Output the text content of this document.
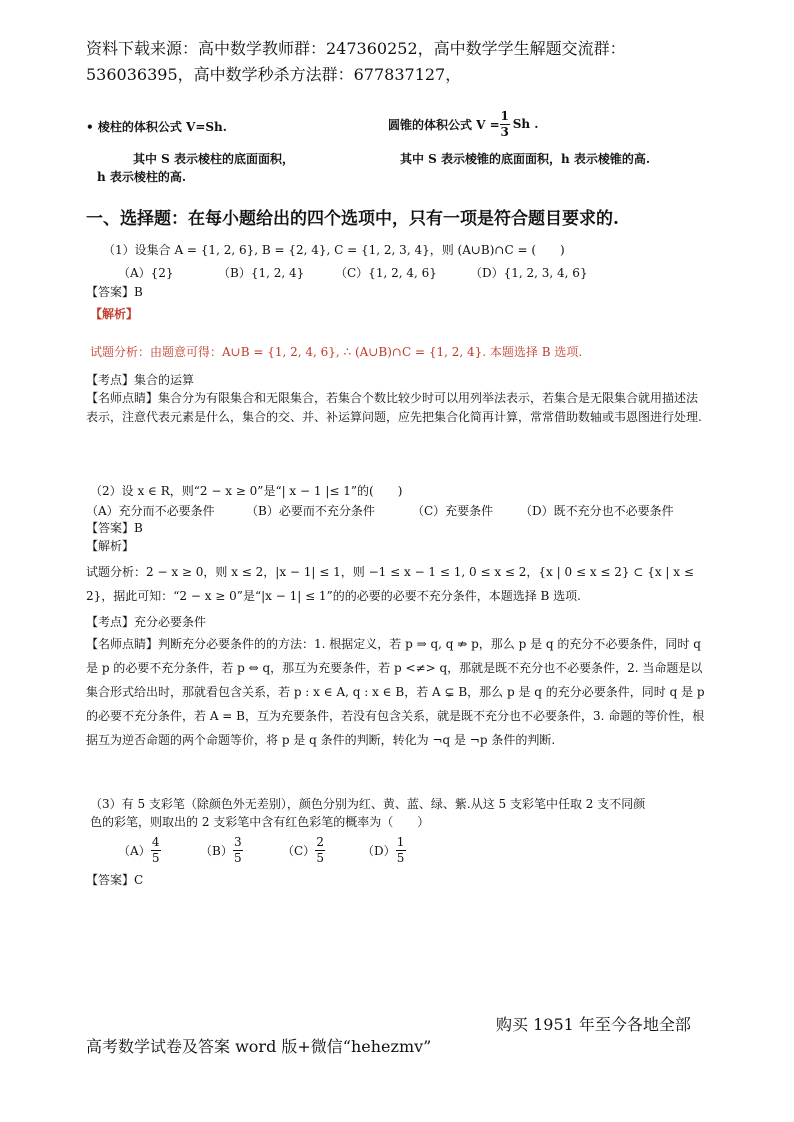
资料下载来源：高中数学教师群：247360252，高中数学学生解题交流群：
536036395，高中数学秒杀方法群：677837127，
• 棱柱的体积公式 V=Sh.	圆锥的体积公式 $V = \frac{1}{3}$ Sh .
其中 S 表示棱柱的底面面积，	其中 S 表示棱锥的底面面积，h 表示棱锥的高.
h 表示棱柱的高.
一、选择题：在每小题给出的四个选项中，只有一项是符合题目要求的.
（1）设集合 A = {1, 2, 6}, B = {2, 4}, C = {1, 2, 3, 4}，则 (A∪B)∩C = (　　)
（A）{2}	（B）{1, 2, 4}	（C）{1, 2, 4, 6}	（D）{1, 2, 3, 4, 6}
【答案】B
【解析】
试题分析：由题意可得：A∪B = {1, 2, 4, 6}, ∴ (A∪B)∩C = {1, 2, 4}. 本题选择 B 选项.
【考点】集合的运算
【名师点睛】集合分为有限集合和无限集合，若集合个数比较少时可以用列举法表示，若集合是无限集合就用描述法表示，注意代表元素是什么，集合的交、并、补运算问题，应先把集合化简再计算，常常借助数轴或韦恩图进行处理.
（2）设 x ∈ R，则“2 − x ≥ 0”是“| x − 1 |≤ 1”的(　　)
（A）充分而不必要条件	（B）必要而不充分条件	（C）充要条件 （D）既不充分也不必要条件
【答案】B
【解析】
试题分析：2 − x ≥ 0，则 x ≤ 2，|x − 1| ≤ 1，则 −1 ≤ x − 1 ≤ 1, 0 ≤ x ≤ 2，{x | 0 ≤ x ≤ 2} ⊂ {x | x ≤ 2}，据此可知：“2 − x ≥ 0”是“|x − 1| ≤ 1”的的必要的必要不充分条件，本题选择 B 选项.
【考点】充分必要条件
【名师点睛】判断充分必要条件的的方法：1. 根据定义，若 p ⇒ q, q ⇏ p，那么 p 是 q 的充分不必要条件，同时 q 是 p 的必要不充分条件，若 p ⇔ q，那互为充要条件，若 p <≠> q，那就是既不充分也不必要条件，2. 当命题是以集合形式给出时，那就看包含关系，若 p : x ∈ A, q : x ∈ B，若 A ⊊ B，那么 p 是 q 的充分必要条件，同时 q 是 p 的必要不充分条件，若 A = B，互为充要条件，若没有包含关系，就是既不充分也不必要条件，3. 命题的等价性，根据互为逆否命题的两个命题等价，将 p 是 q 条件的判断，转化为 ¬q 是 ¬p 条件的判断.
（3）有 5 支彩笔（除颜色外无差别），颜色分别为红、黄、蓝、绿、紫.从这 5 支彩笔中任取 2 支不同颜
色的彩笔，则取出的 2 支彩笔中含有红色彩笔的概率为（　　）
$(A) \frac{4}{5}$	$(B) \frac{3}{5}$	$(C) \frac{2}{5}$	$(D) \frac{1}{5}$
【答案】C
购买 1951 年至今各地全部
高考数学试卷及答案 word 版+微信“hehezmv”
